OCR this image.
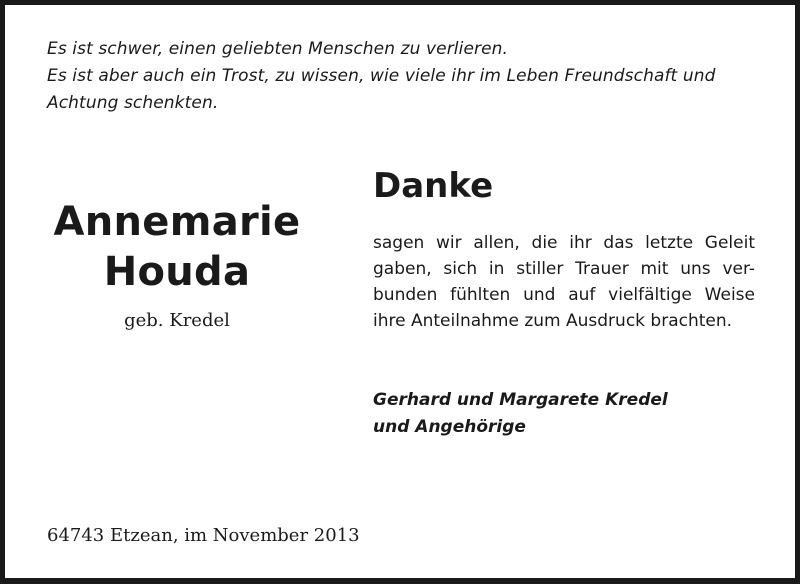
Es ist schwer, einen geliebten Menschen zu verlieren.
Es ist aber auch ein Trost, zu wissen, wie viele ihr im Leben Freundschaft und
Achtung schenkten.
Annemarie
Houda
geb. Kredel
Danke
sagen wir allen, die ihr das letzte Geleit
gaben, sich in stiller Trauer mit uns ver-
bunden fühlten und auf vielfältige Weise
ihre Anteilnahme zum Ausdruck brachten.
Gerhard und Margarete Kredel
und Angehörige
64743 Etzean, im November 2013
